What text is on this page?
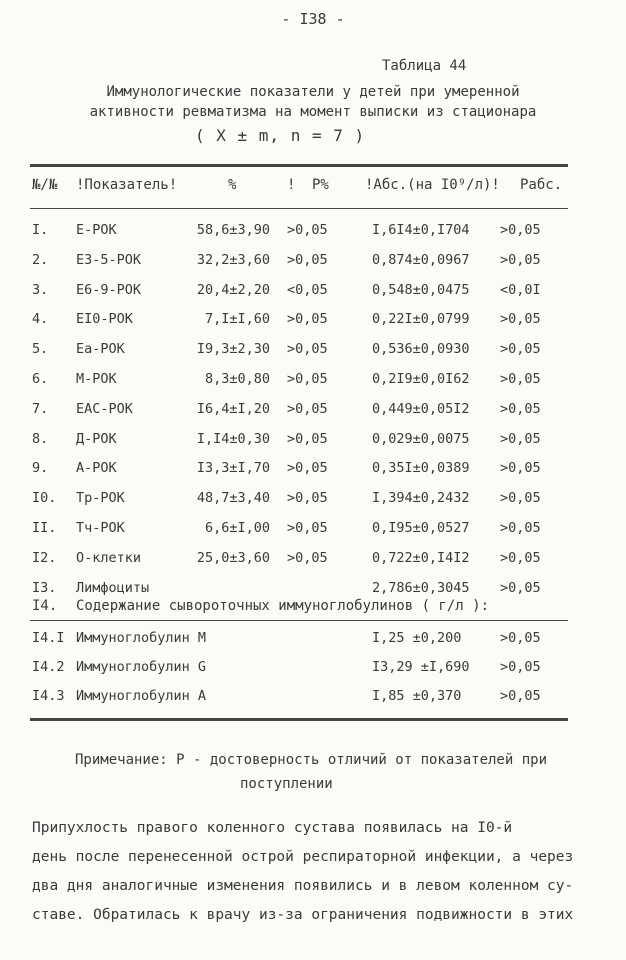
- I38 -
Таблица 44
Иммунологические показатели у детей при умеренной
активности ревматизма на момент выписки из стационара
( X ± m, n = 7 )
№/№ !Показатель!	%	! P%	!Абс.(на I0⁹/л)! Pабс.
I. Е-РОК	58,6±3,90 >0,05	I,6I4±0,I704 >0,05
2. Е3-5-РОК	32,2±3,60 >0,05	0,874±0,0967 >0,05
3. Е6-9-РОК	20,4±2,20 <0,05	0,548±0,0475 <0,0I
4. ЕI0-РОК	7,I±I,60 >0,05	0,22I±0,0799 >0,05
5. Еа-РОК	I9,3±2,30 >0,05	0,536±0,0930 >0,05
6. М-РОК	8,3±0,80 >0,05	0,2I9±0,0I62 >0,05
7. ЕАС-РОК	I6,4±I,20 >0,05	0,449±0,05I2 >0,05
8. Д-РОК	I,I4±0,30 >0,05	0,029±0,0075 >0,05
9. А-РОК	I3,3±I,70 >0,05	0,35I±0,0389 >0,05
I0. Тр-РОК	48,7±3,40 >0,05	I,394±0,2432 >0,05
II. Тч-РОК	6,6±I,00 >0,05	0,I95±0,0527 >0,05
I2. О-клетки	25,0±3,60 >0,05	0,722±0,I4I2 >0,05
I3. Лимфоциты	2,786±0,3045 >0,05
I4. Содержание сывороточных иммуноглобулинов ( г/л ):
I4.I Иммуноглобулин М	I,25 ±0,200	>0,05
I4.2 Иммуноглобулин G	I3,29 ±I,690 >0,05
I4.3 Иммуноглобулин А	I,85 ±0,370	>0,05
Примечание: Р - достоверность отличий от показателей при
поступлении
Припухлость правого коленного сустава появилась на I0-й
день после перенесенной острой респираторной инфекции, а через
два дня аналогичные изменения появились и в левом коленном су-
ставе. Обратилась к врачу из-за ограничения подвижности в этих
